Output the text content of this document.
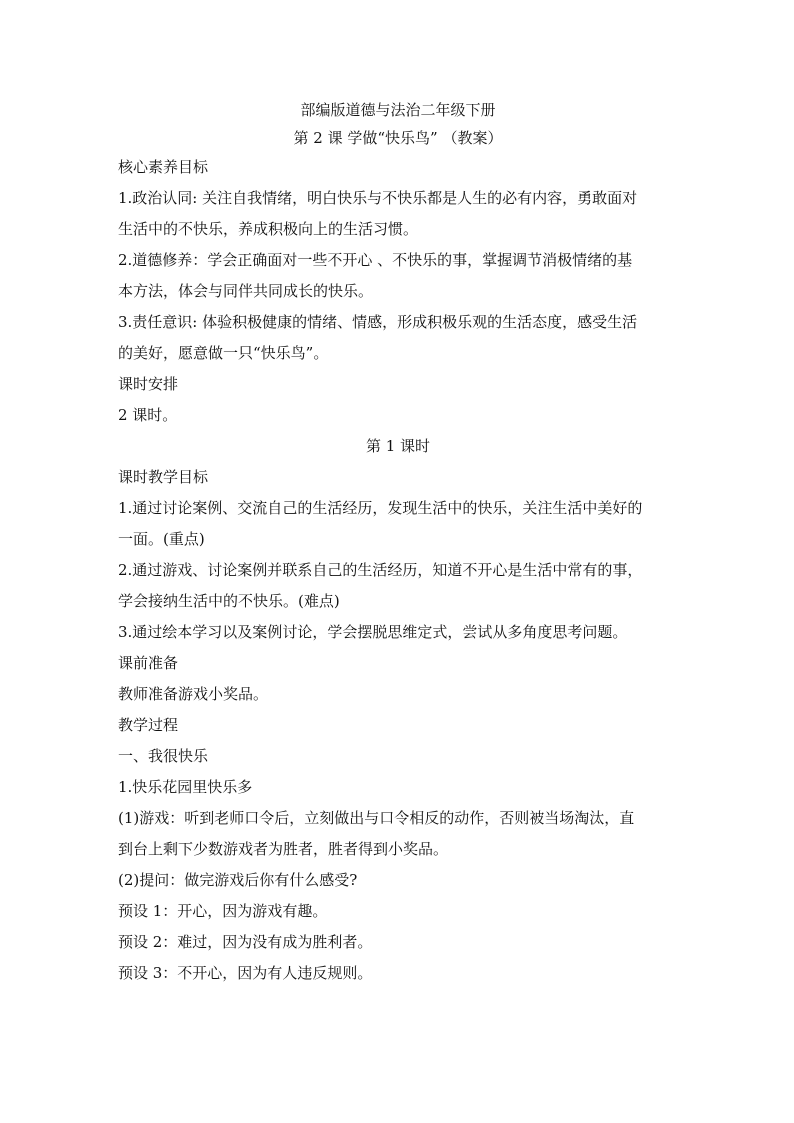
部编版道德与法治二年级下册
第 2 课 学做“快乐鸟” （教案）
核心素养目标
1.政治认同: 关注自我情绪，明白快乐与不快乐都是人生的必有内容，勇敢面对
生活中的不快乐，养成积极向上的生活习惯。
2.道德修养：学会正确面对一些不开心 、不快乐的事，掌握调节消极情绪的基
本方法，体会与同伴共同成长的快乐。
3.责任意识: 体验积极健康的情绪、情感，形成积极乐观的生活态度，感受生活
的美好，愿意做一只“快乐鸟”。
课时安排
2 课时。
第 1 课时
课时教学目标
1.通过讨论案例、交流自己的生活经历，发现生活中的快乐，关注生活中美好的
一面。(重点)
2.通过游戏、讨论案例并联系自己的生活经历，知道不开心是生活中常有的事，
学会接纳生活中的不快乐。(难点)
3.通过绘本学习以及案例讨论，学会摆脱思维定式，尝试从多角度思考问题。
课前准备
教师准备游戏小奖品。
教学过程
一、我很快乐
1.快乐花园里快乐多
(1)游戏：听到老师口令后，立刻做出与口令相反的动作，否则被当场淘汰，直
到台上剩下少数游戏者为胜者，胜者得到小奖品。
(2)提问：做完游戏后你有什么感受?
预设 1：开心，因为游戏有趣。
预设 2：难过，因为没有成为胜利者。
预设 3：不开心，因为有人违反规则。
